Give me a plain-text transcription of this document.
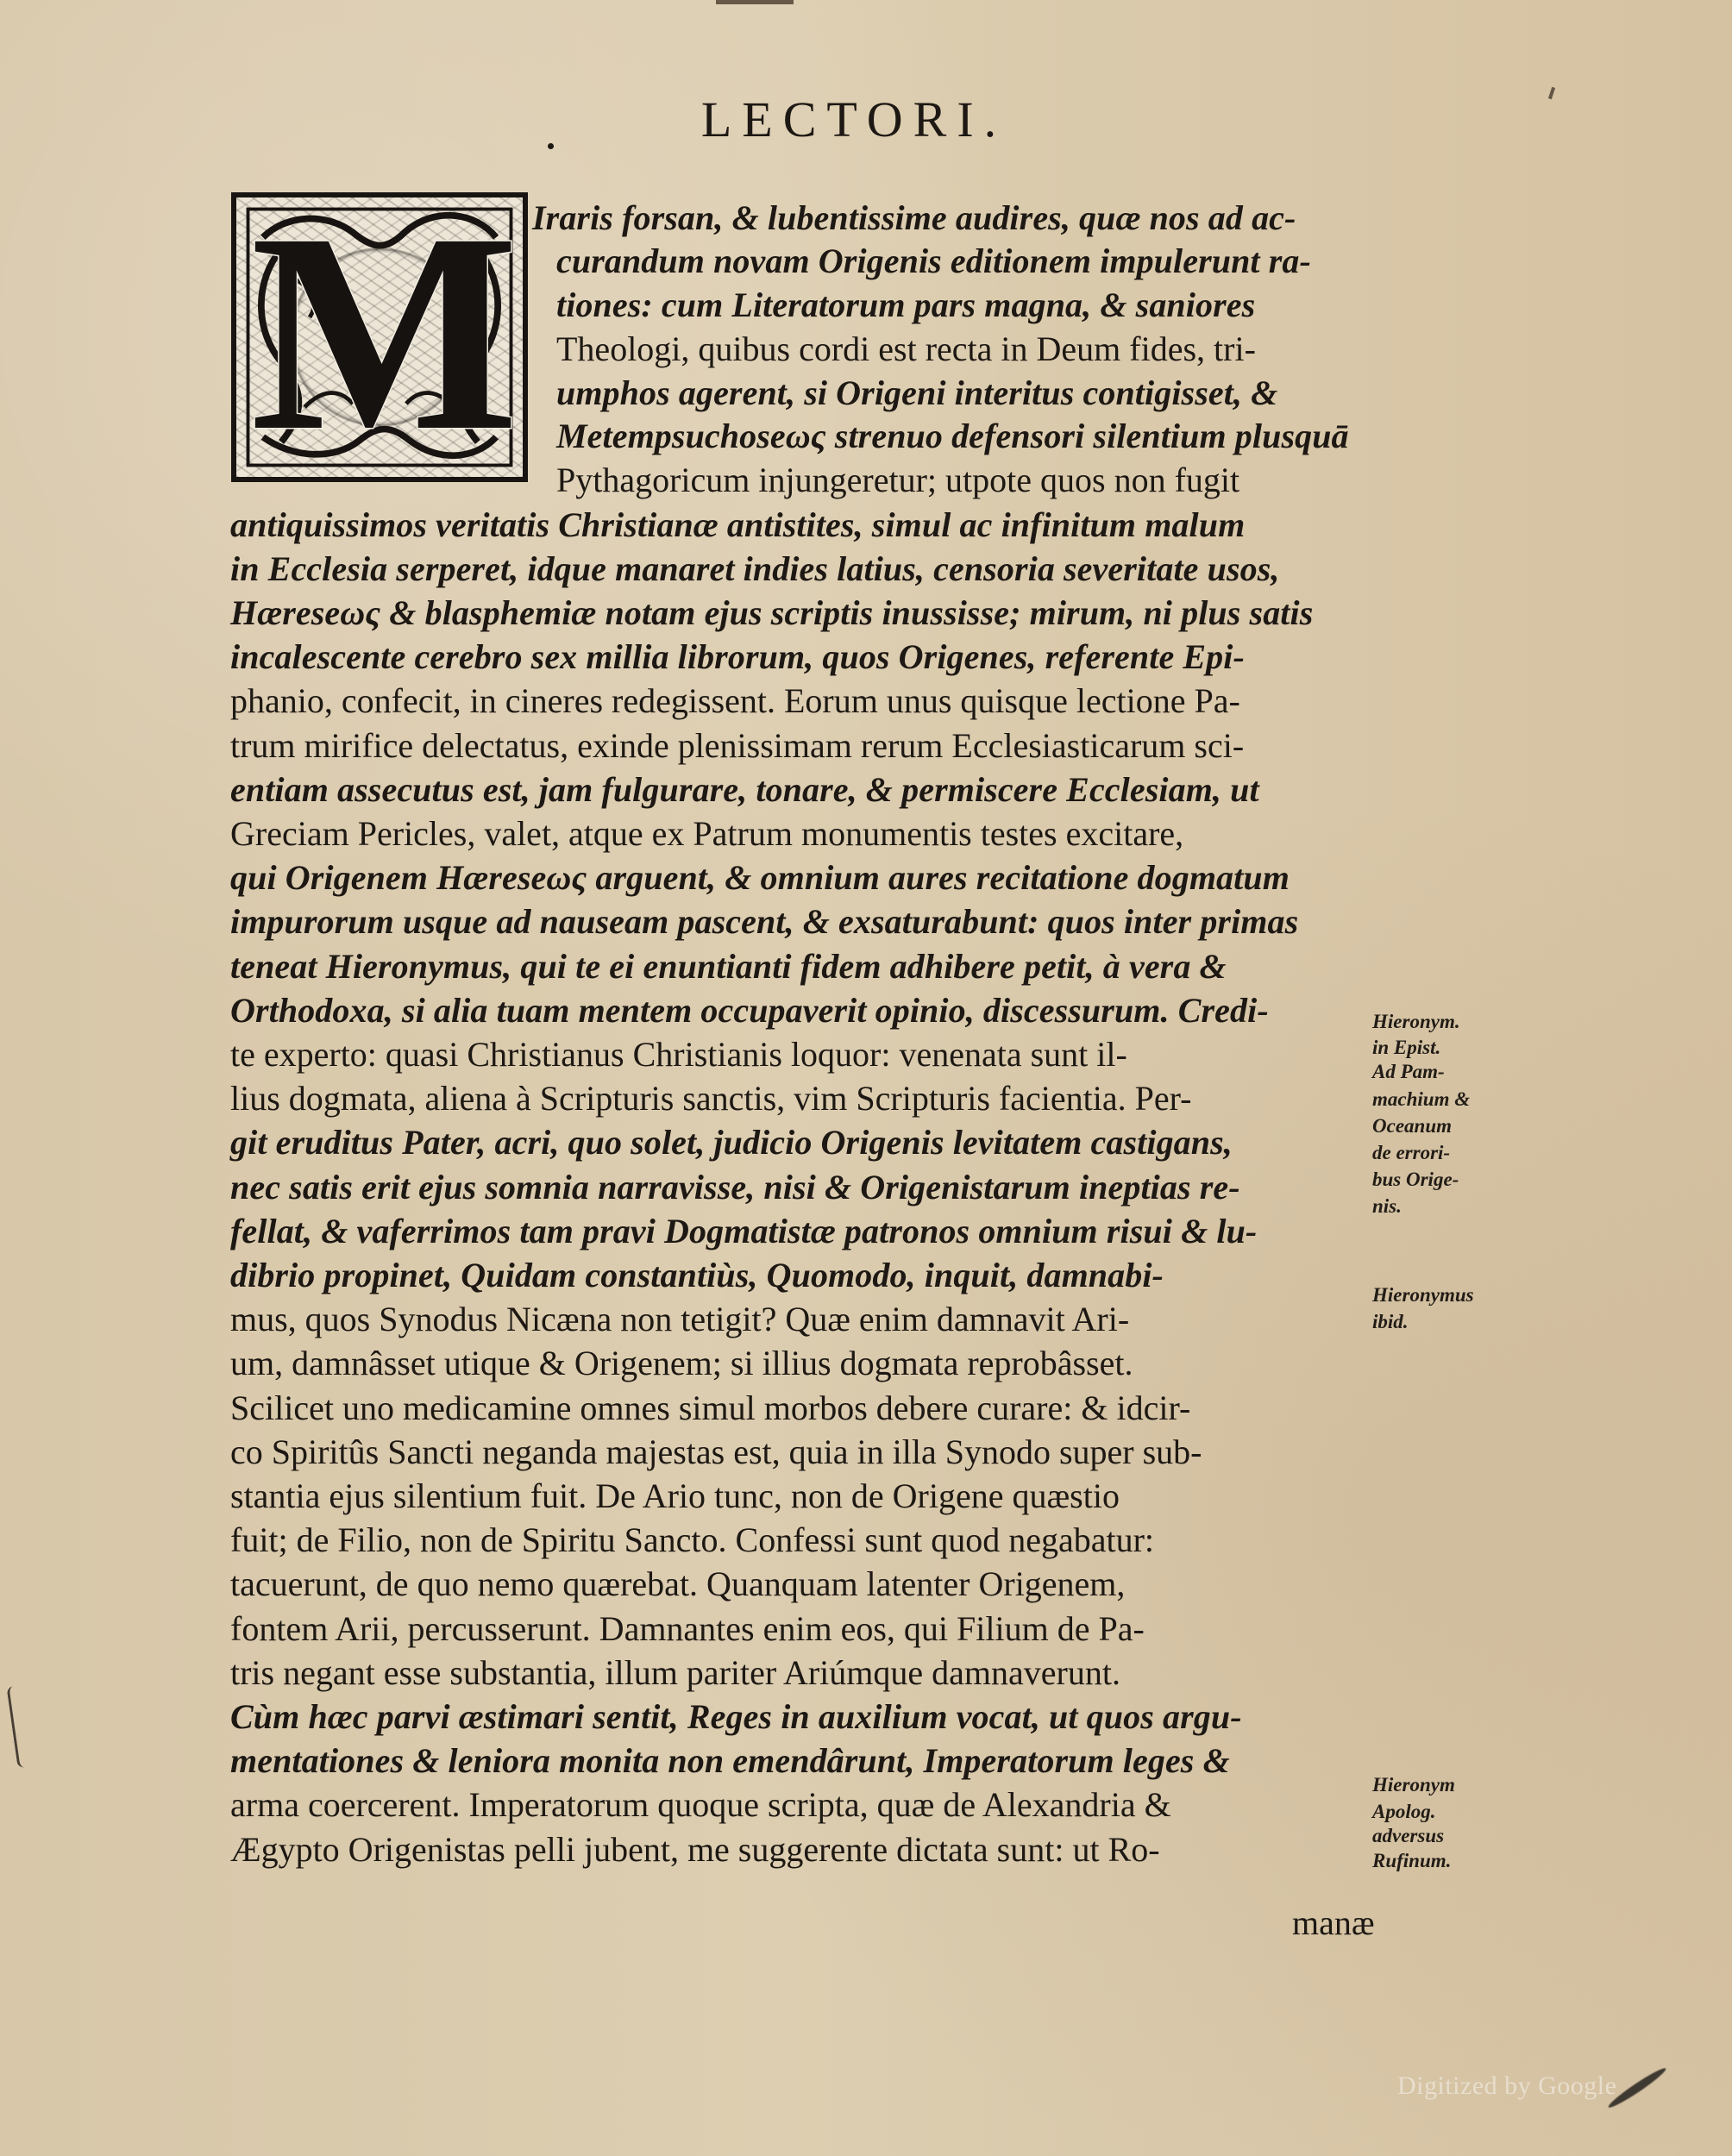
LECTORI.
M Iraris forsan, & lubentissime audires, quæ nos ad ac-
curandum novam Origenis editionem impulerunt ra-
tiones: cum Literatorum pars magna, & saniores
Theologi, quibus cordi est recta in Deum fides, tri-
umphos agerent, si Origeni interitus contigisset, &
Metempsuchoseως strenuo defensori silentium plusquā
Pythagoricum injungeretur; utpote quos non fugit
antiquissimos veritatis Christianæ antistites, simul ac infinitum malum
in Ecclesia serperet, idque manaret indies latius, censoria severitate usos,
Hæreseως & blasphemiæ notam ejus scriptis inussisse; mirum, ni plus satis
incalescente cerebro sex millia librorum, quos Origenes, referente Epi-
phanio, confecit, in cineres redegissent. Eorum unus quisque lectione Pa-
trum mirifice delectatus, exinde plenissimam rerum Ecclesiasticarum sci-
entiam assecutus est, jam fulgurare, tonare, & permiscere Ecclesiam, ut
Greciam Pericles, valet, atque ex Patrum monumentis testes excitare,
qui Origenem Hæreseως arguent, & omnium aures recitatione dogmatum
impurorum usque ad nauseam pascent, & exsaturabunt: quos inter primas
teneat Hieronymus, qui te ei enuntianti fidem adhibere petit, à vera &
Orthodoxa, si alia tuam mentem occupaverit opinio, discessurum. Credi-
te experto: quasi Christianus Christianis loquor: venenata sunt il-
lius dogmata, aliena à Scripturis sanctis, vim Scripturis facientia. Per-
git eruditus Pater, acri, quo solet, judicio Origenis levitatem castigans,
nec satis erit ejus somnia narravisse, nisi & Origenistarum ineptias re-
fellat, & vaferrimos tam pravi Dogmatistæ patronos omnium risui & lu-
dibrio propinet, Quidam constantiùs, Quomodo, inquit, damnabi-
mus, quos Synodus Nicæna non tetigit? Quæ enim damnavit Ari-
um, damnâsset utique & Origenem; si illius dogmata reprobâsset.
Scilicet uno medicamine omnes simul morbos debere curare: & idcir-
co Spiritûs Sancti neganda majestas est, quia in illa Synodo super sub-
stantia ejus silentium fuit. De Ario tunc, non de Origene quæstio
fuit; de Filio, non de Spiritu Sancto. Confessi sunt quod negabatur:
tacuerunt, de quo nemo quærebat. Quanquam latenter Origenem,
fontem Arii, percusserunt. Damnantes enim eos, qui Filium de Pa-
tris negant esse substantia, illum pariter Ariúmque damnaverunt.
Cùm hæc parvi æstimari sentit, Reges in auxilium vocat, ut quos argu-
mentationes & leniora monita non emendârunt, Imperatorum leges &
arma coercerent. Imperatorum quoque scripta, quæ de Alexandria &
Ægypto Origenistas pelli jubent, me suggerente dictata sunt: ut Ro-
Hieronym.
in Epist.
Ad Pam-
machium &
Oceanum
de errori-
bus Orige-
nis.
Hieronymus
ibid.
Hieronym
Apolog.
adversus
Rufinum.
manæ
Digitized by Google
